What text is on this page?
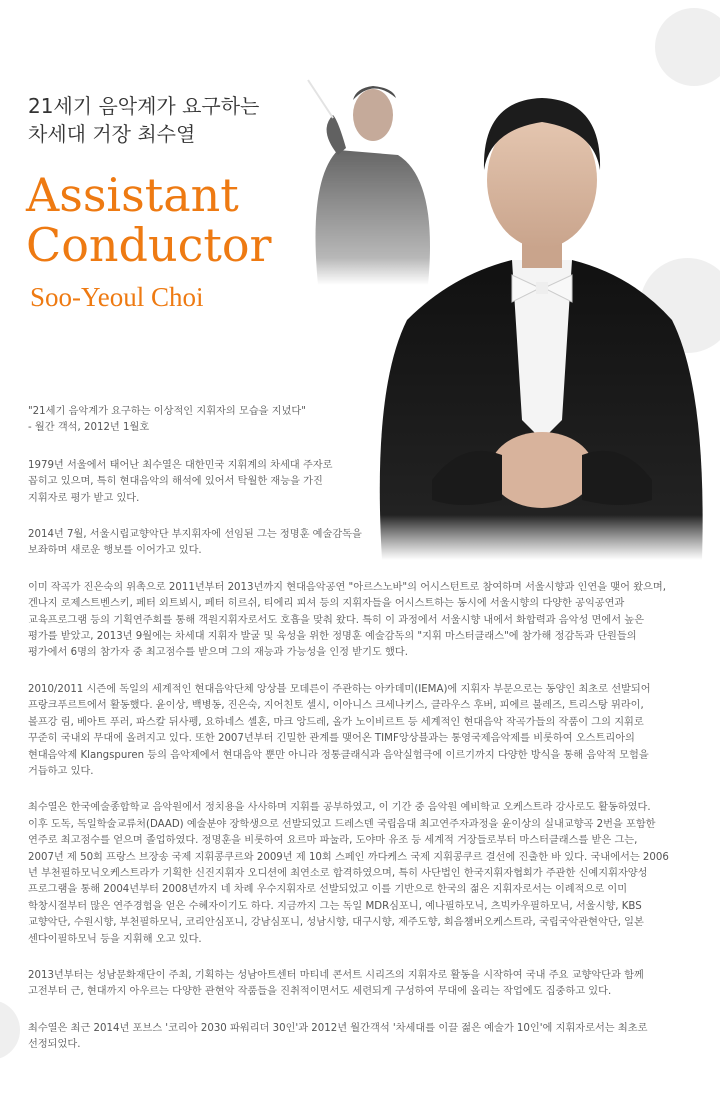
21세기 음악계가 요구하는
차세대 거장 최수열
Assistant
Conductor
Soo-Yeoul Choi

"21세기 음악계가 요구하는 이상적인 지휘자의 모습을 지녔다"
- 월간 객석, 2012년 1월호

1979년 서울에서 태어난 최수열은 대한민국 지휘계의 차세대 주자로
꼽히고 있으며, 특히 현대음악의 해석에 있어서 탁월한 재능을 가진
지휘자로 평가 받고 있다.

2014년 7월, 서울시립교향악단 부지휘자에 선임된 그는 정명훈 예술감독을
보좌하며 새로운 행보를 이어가고 있다.

이미 작곡가 진은숙의 위촉으로 2011년부터 2013년까지 현대음악공연 "아르스노바"의 어시스턴트로 참여하며 서울시향과 인연을 맺어 왔으며,
겐나지 로제스트벤스키, 페터 외트뵈시, 페터 히르쉬, 티에리 피셔 등의 지휘자들을 어시스트하는 동시에 서울시향의 다양한 공익공연과
교육프로그램 등의 기획연주회를 통해 객원지휘자로서도 호흡을 맞춰 왔다. 특히 이 과정에서 서울시향 내에서 화합력과 음악성 면에서 높은
평가를 받았고, 2013년 9월에는 차세대 지휘자 발굴 및 육성을 위한 정명훈 예술감독의 "지휘 마스터클래스"에 참가해 정감독과 단원들의
평가에서 6명의 참가자 중 최고점수를 받으며 그의 재능과 가능성을 인정 받기도 했다.

2010/2011 시즌에 독일의 세계적인 현대음악단체 앙상블 모데른이 주관하는 아카데미(IEMA)에 지휘자 부문으로는 동양인 최초로 선발되어
프랑크푸르트에서 활동했다. 윤이상, 백병동, 진은숙, 지어친토 셀시, 이아니스 크세나키스, 클라우스 후버, 피에르 불레즈, 트리스탕 뮈라이,
볼프강 림, 베아트 푸러, 파스칼 뒤사펭, 요하네스 셸혼, 마크 앙드레, 올가 노이비르트 등 세계적인 현대음악 작곡가들의 작품이 그의 지휘로
꾸준히 국내외 무대에 올려지고 있다. 또한 2007년부터 긴밀한 관계를 맺어온 TIMF앙상블과는 통영국제음악제를 비롯하여 오스트리아의
현대음악제 Klangspuren 등의 음악제에서 현대음악 뿐만 아니라 정통클래식과 음악실험극에 이르기까지 다양한 방식을 통해 음악적 모험을
거듭하고 있다.

최수열은 한국예술종합학교 음악원에서 정치용을 사사하며 지휘를 공부하였고, 이 기간 중 음악원 예비학교 오케스트라 강사로도 활동하였다.
이후 도독, 독일학술교류처(DAAD) 예술분야 장학생으로 선발되었고 드레스덴 국립음대 최고연주자과정을 윤이상의 실내교향곡 2번을 포함한
연주로 최고점수를 얻으며 졸업하였다. 정명훈을 비롯하여 요르마 파눌라, 도야마 유조 등 세계적 거장들로부터 마스터클래스를 받은 그는,
2007년 제 50회 프랑스 브장송 국제 지휘콩쿠르와 2009년 제 10회 스페인 까다케스 국제 지휘콩쿠르 결선에 진출한 바 있다. 국내에서는 2006
년 부천필하모닉오케스트라가 기획한 신진지휘자 오디션에 최연소로 합격하였으며, 특히 사단법인 한국지휘자협회가 주관한 신예지휘자양성
프로그램을 통해 2004년부터 2008년까지 네 차례 우수지휘자로 선발되었고 이를 기반으로 한국의 젊은 지휘자로서는 이례적으로 이미
학창시절부터 많은 연주경험을 얻은 수혜자이기도 하다. 지금까지 그는 독일 MDR심포니, 예나필하모닉, 츠빅카우필하모닉, 서울시향, KBS
교향악단, 수원시향, 부천필하모닉, 코리안심포니, 강남심포니, 성남시향, 대구시향, 제주도향, 회음챔버오케스트라, 국립국악관현악단, 일본
센다이필하모닉 등을 지휘해 오고 있다.

2013년부터는 성남문화재단이 주최, 기획하는 성남아트센터 마티네 콘서트 시리즈의 지휘자로 활동을 시작하여 국내 주요 교향악단과 함께
고전부터 근, 현대까지 아우르는 다양한 관현악 작품들을 진취적이면서도 세련되게 구성하여 무대에 올리는 작업에도 집중하고 있다.

최수열은 최근 2014년 포브스 '코리아 2030 파워리더 30인'과 2012년 월간객석 '차세대를 이끌 젊은 예술가 10인'에 지휘자로서는 최초로
선정되었다.
